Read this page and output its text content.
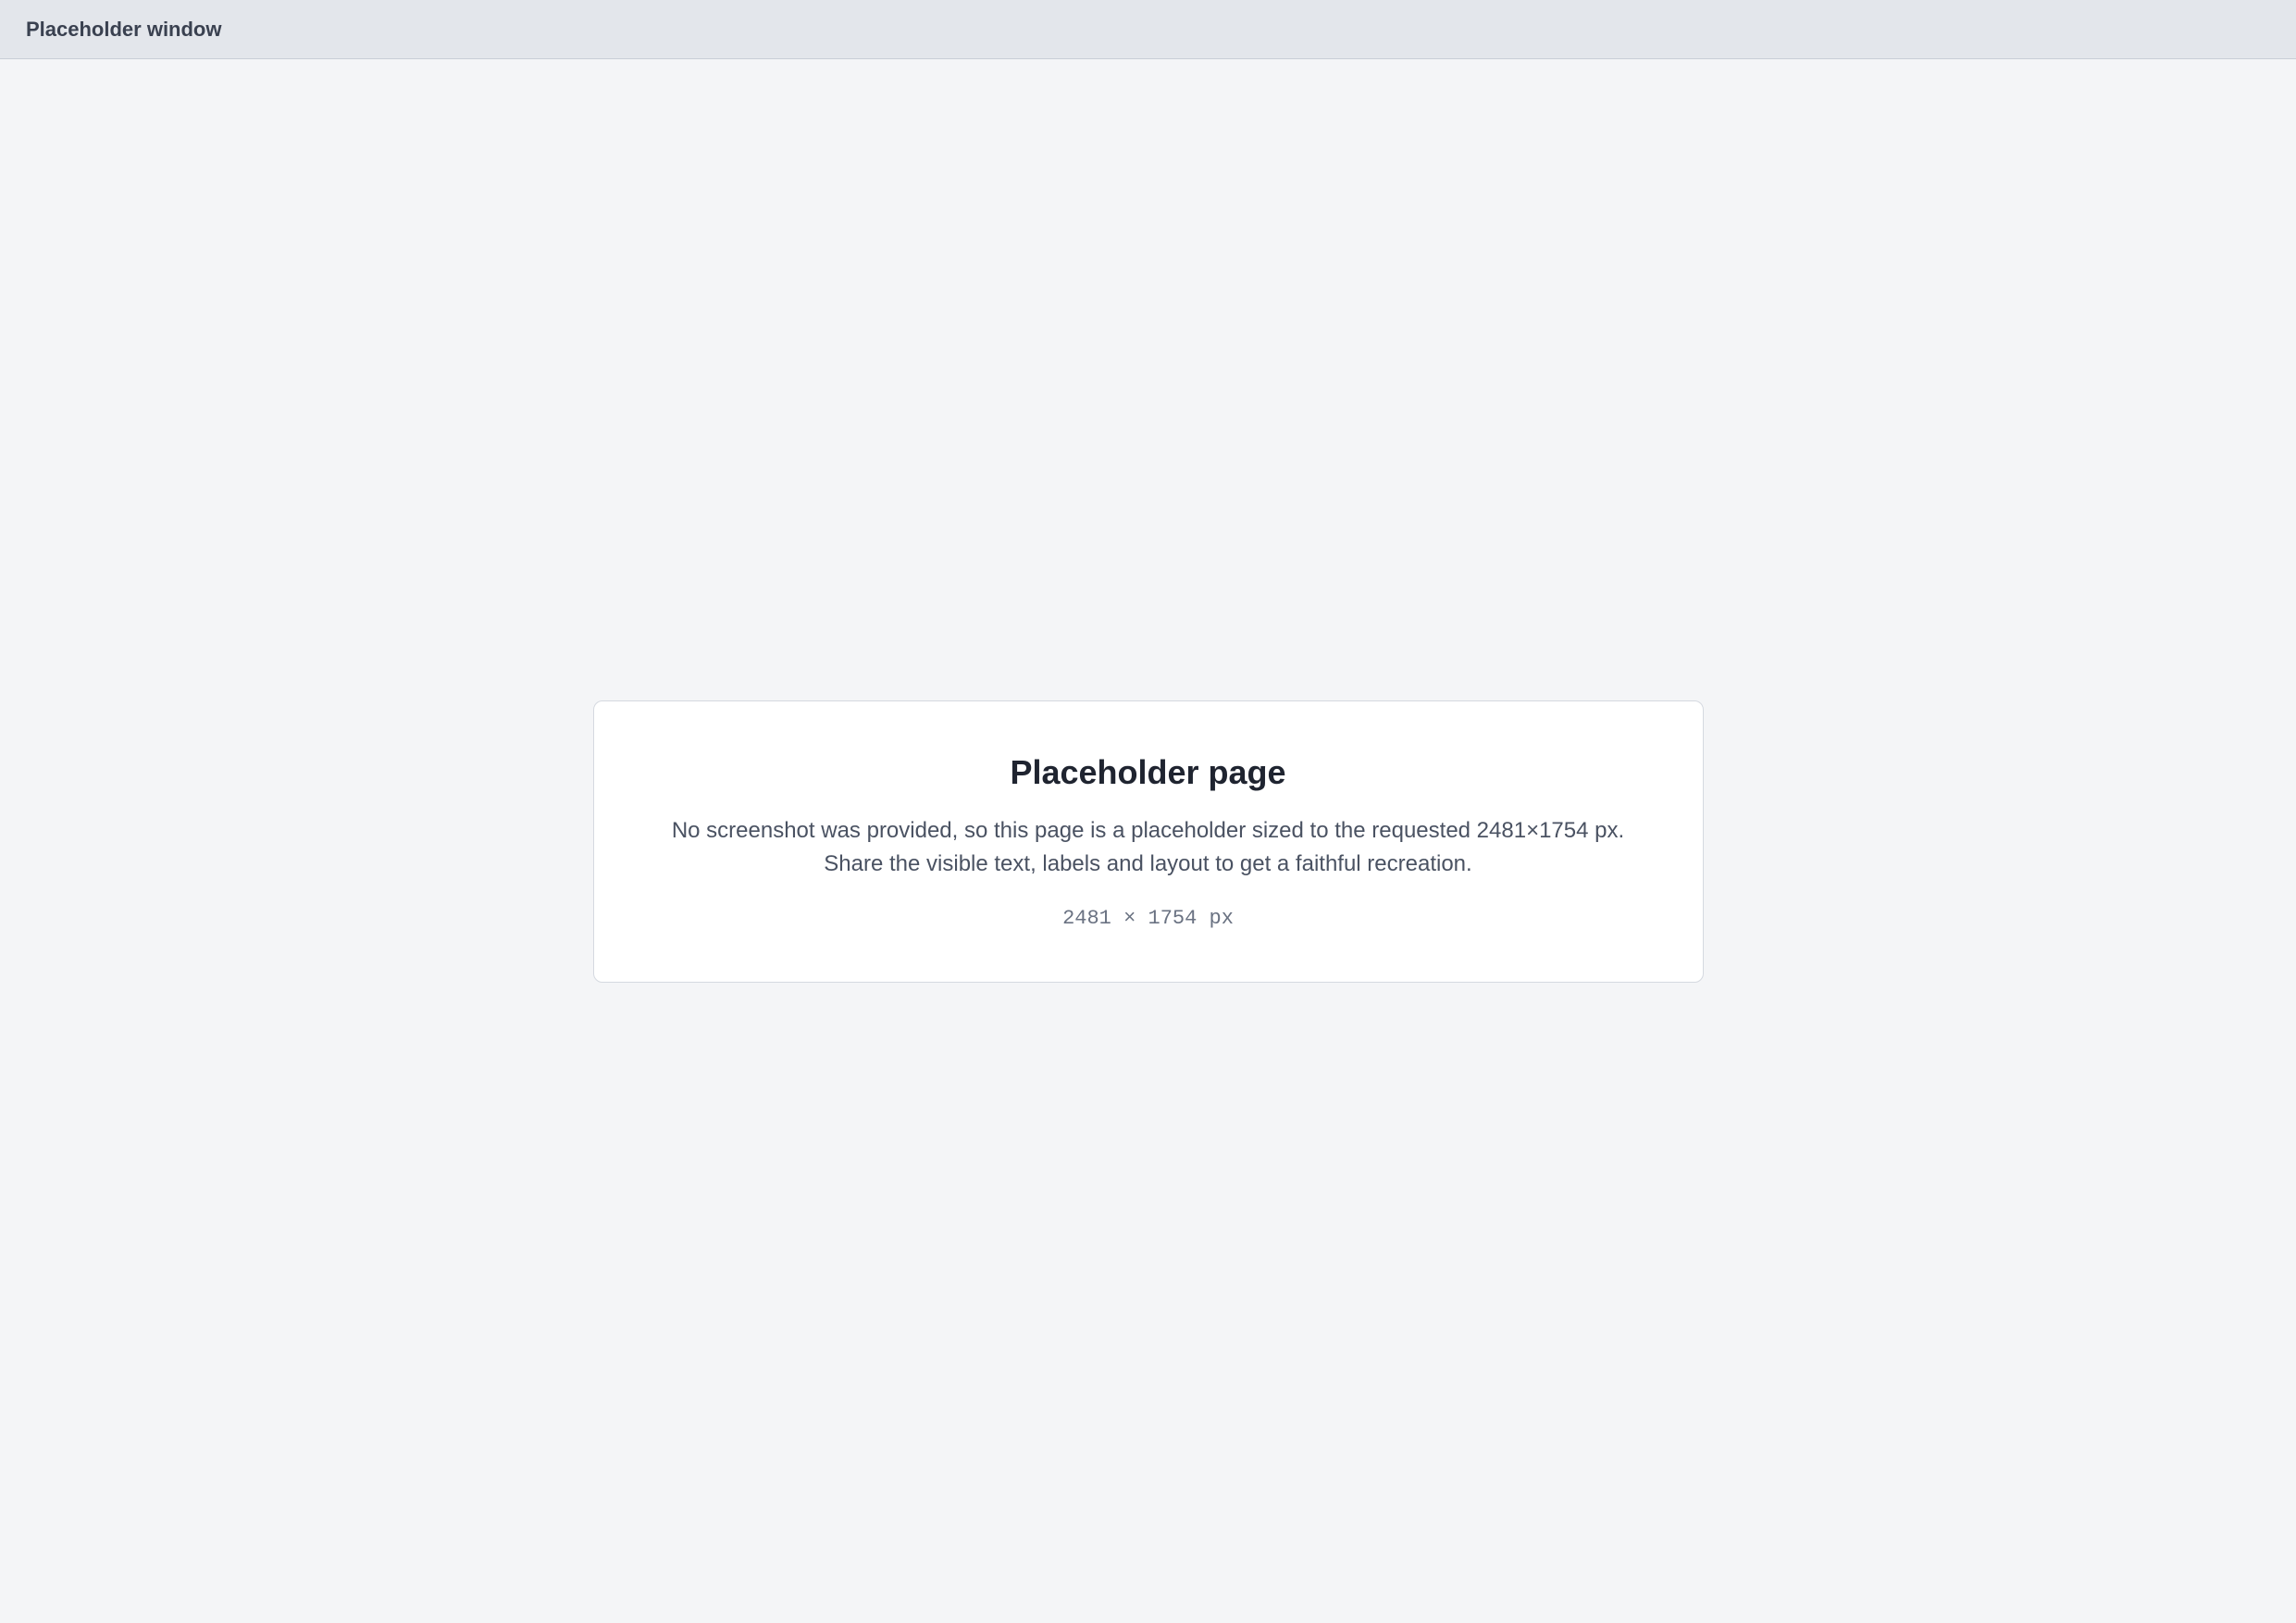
Placeholder window
Placeholder page

No screenshot was provided, so this page is a placeholder sized to the requested 2481×1754 px. Share the visible text, labels and layout to get a faithful recreation.

2481 × 1754 px
